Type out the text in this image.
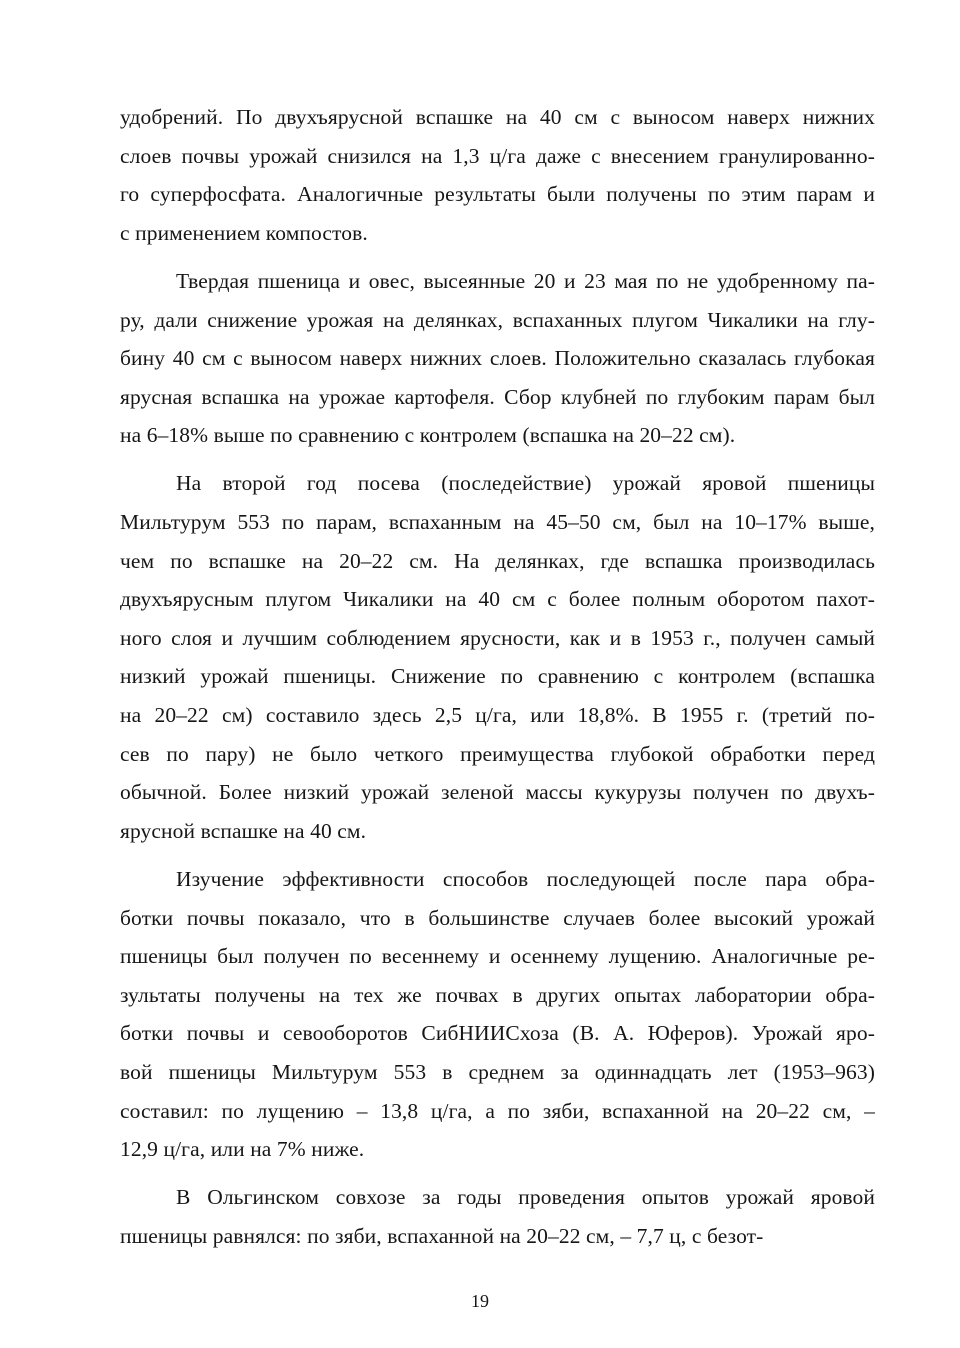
удобрений. По двухъярусной вспашке на 40 см с выносом наверх нижних
слоев почвы урожай снизился на 1,3 ц/га даже с внесением гранулированно-
го суперфосфата. Аналогичные результаты были получены по этим парам и
с применением компостов.
Твердая пшеница и овес, высеянные 20 и 23 мая по не удобренному па-
ру, дали снижение урожая на делянках, вспаханных плугом Чикалики на глу-
бину 40 см с выносом наверх нижних слоев. Положительно сказалась глубокая
ярусная вспашка на урожае картофеля. Сбор клубней по глубоким парам был
на 6–18% выше по сравнению с контролем (вспашка на 20–22 см).
На второй год посева (последействие) урожай яровой пшеницы
Мильтурум 553 по парам, вспаханным на 45–50 см, был на 10–17% выше,
чем по вспашке на 20–22 см. На делянках, где вспашка производилась
двухъярусным плугом Чикалики на 40 см с более полным оборотом пахот-
ного слоя и лучшим соблюдением ярусности, как и в 1953 г., получен самый
низкий урожай пшеницы. Снижение по сравнению с контролем (вспашка
на 20–22 см) составило здесь 2,5 ц/га, или 18,8%. В 1955 г. (третий по-
сев по пару) не было четкого преимущества глубокой обработки перед
обычной. Более низкий урожай зеленой массы кукурузы получен по двухъ-
ярусной вспашке на 40 см.
Изучение эффективности способов последующей после пара обра-
ботки почвы показало, что в большинстве случаев более высокий урожай
пшеницы был получен по весеннему и осеннему лущению. Аналогичные ре-
зультаты получены на тех же почвах в других опытах лаборатории обра-
ботки почвы и севооборотов СибНИИСхоза (В. А. Юферов). Урожай яро-
вой пшеницы Мильтурум 553 в среднем за одиннадцать лет (1953–963)
составил: по лущению – 13,8 ц/га, а по зяби, вспаханной на 20–22 см, –
12,9 ц/га, или на 7% ниже.
В Ольгинском совхозе за годы проведения опытов урожай яровой
пшеницы равнялся: по зяби, вспаханной на 20–22 см, – 7,7 ц, с безот-
19
